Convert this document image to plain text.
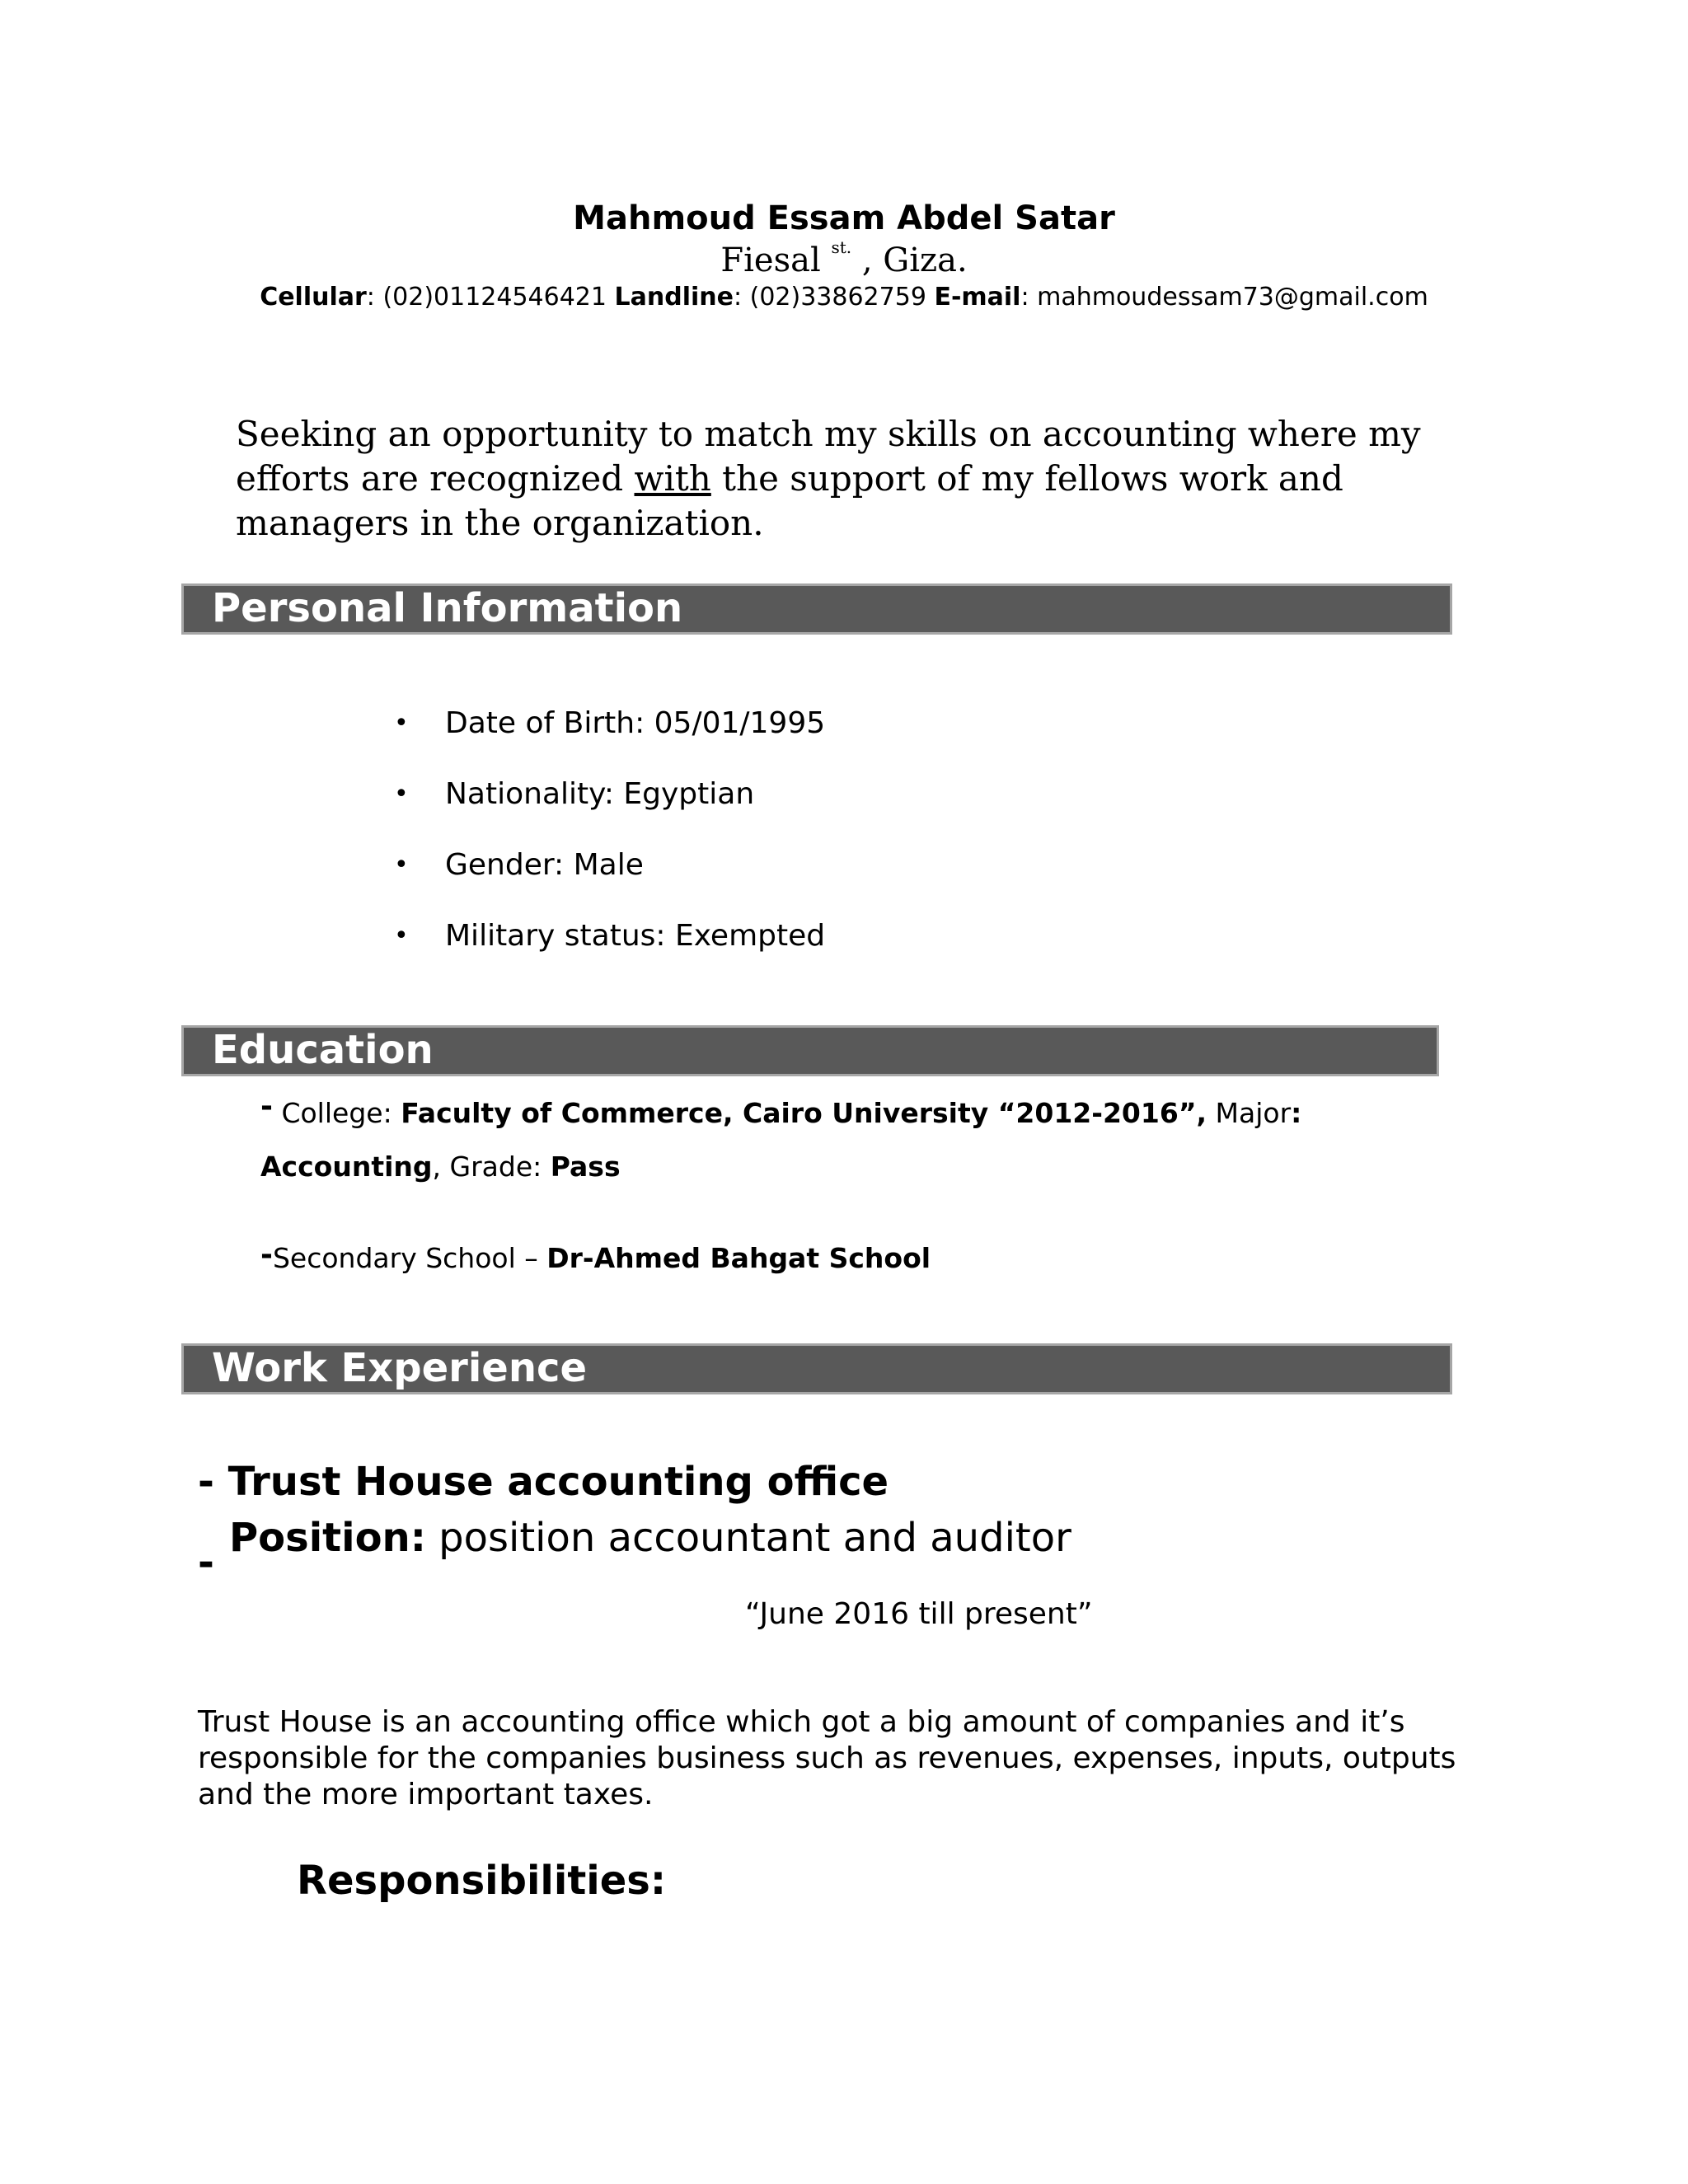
Mahmoud Essam Abdel Satar
Fiesal $^{st.}$ , Giza.
Cellular: (02)01124546421 Landline: (02)33862759 E-mail: mahmoudessam73@gmail.com
Seeking an opportunity to match my skills on accounting where my efforts are recognized with the support of my fellows work and managers in the organization.
Personal Information
• Date of Birth: 05/01/1995
• Nationality: Egyptian
• Gender: Male
• Military status: Exempted
Education
- College: Faculty of Commerce, Cairo University “2012-2016”, Major:
Accounting, Grade: Pass
-Secondary School – Dr-Ahmed Bahgat School
Work Experience
- Trust House accounting office
Position: position accountant and auditor
-
“June 2016 till present”
Trust House is an accounting office which got a big amount of companies and it’s responsible for the companies business such as revenues, expenses, inputs, outputs and the more important taxes.
Responsibilities:
